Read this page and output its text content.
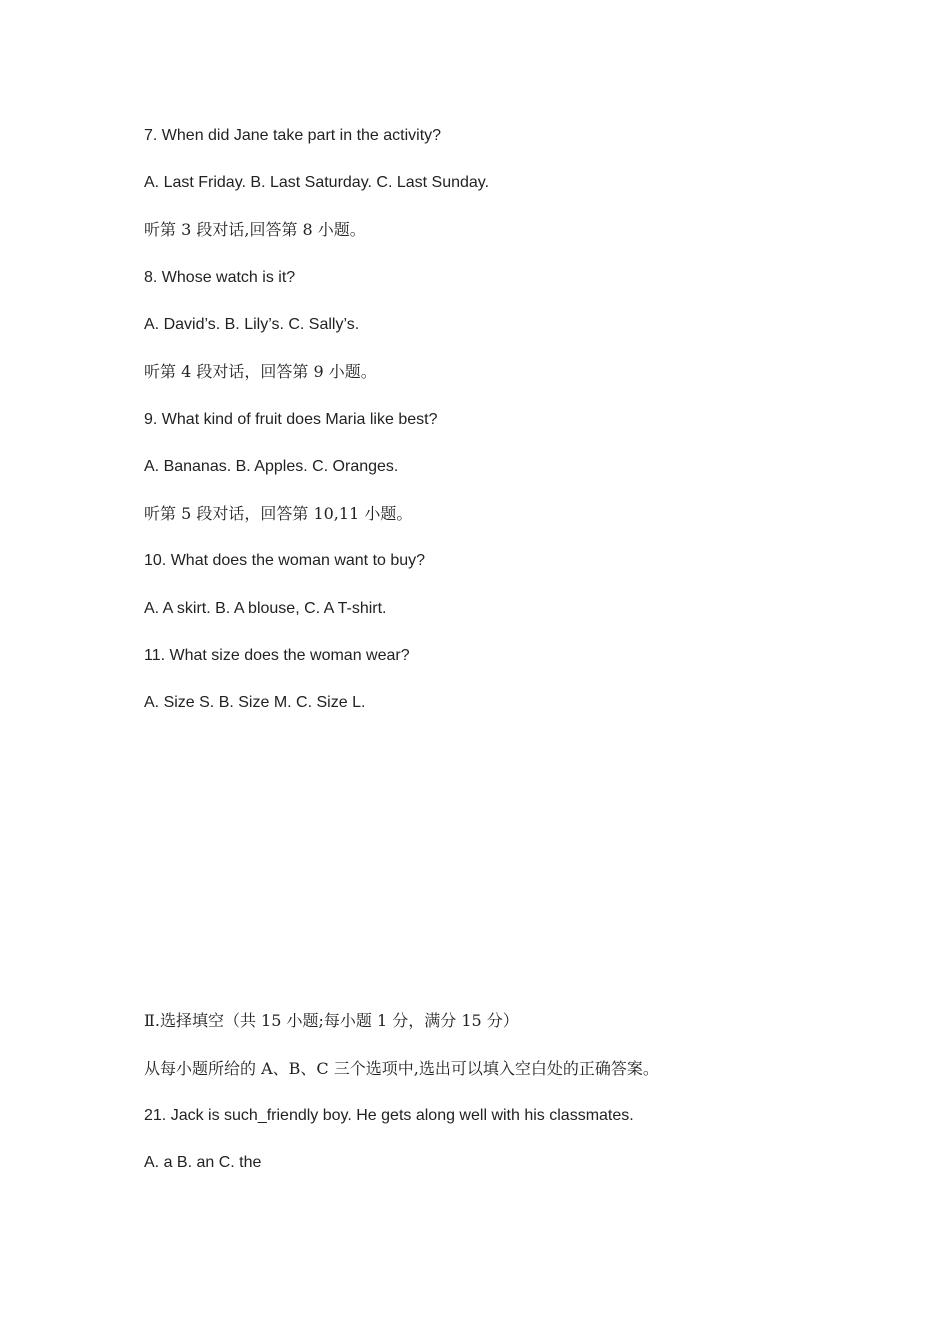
7. When did Jane take part in the activity?
A. Last Friday. B. Last Saturday. C. Last Sunday.
听第 3 段对话,回答第 8 小题。
8. Whose watch is it?
A. David’s. B. Lily’s. C. Sally’s.
听第 4 段对话，回答第 9 小题。
9. What kind of fruit does Maria like best?
A. Bananas. B. Apples. C. Oranges.
听第 5 段对话，回答第 10,11 小题。
10. What does the woman want to buy?
A. A skirt. B. A blouse, C. A T-shirt.
11. What size does the woman wear?
A. Size S. B. Size M. C. Size L.
Ⅱ.选择填空（共 15 小题;每小题 1 分，满分 15 分）
从每小题所给的 A、B、C 三个选项中,选出可以填入空白处的正确答案。
21. Jack is such_friendly boy. He gets along well with his classmates.
A. a B. an C. the
